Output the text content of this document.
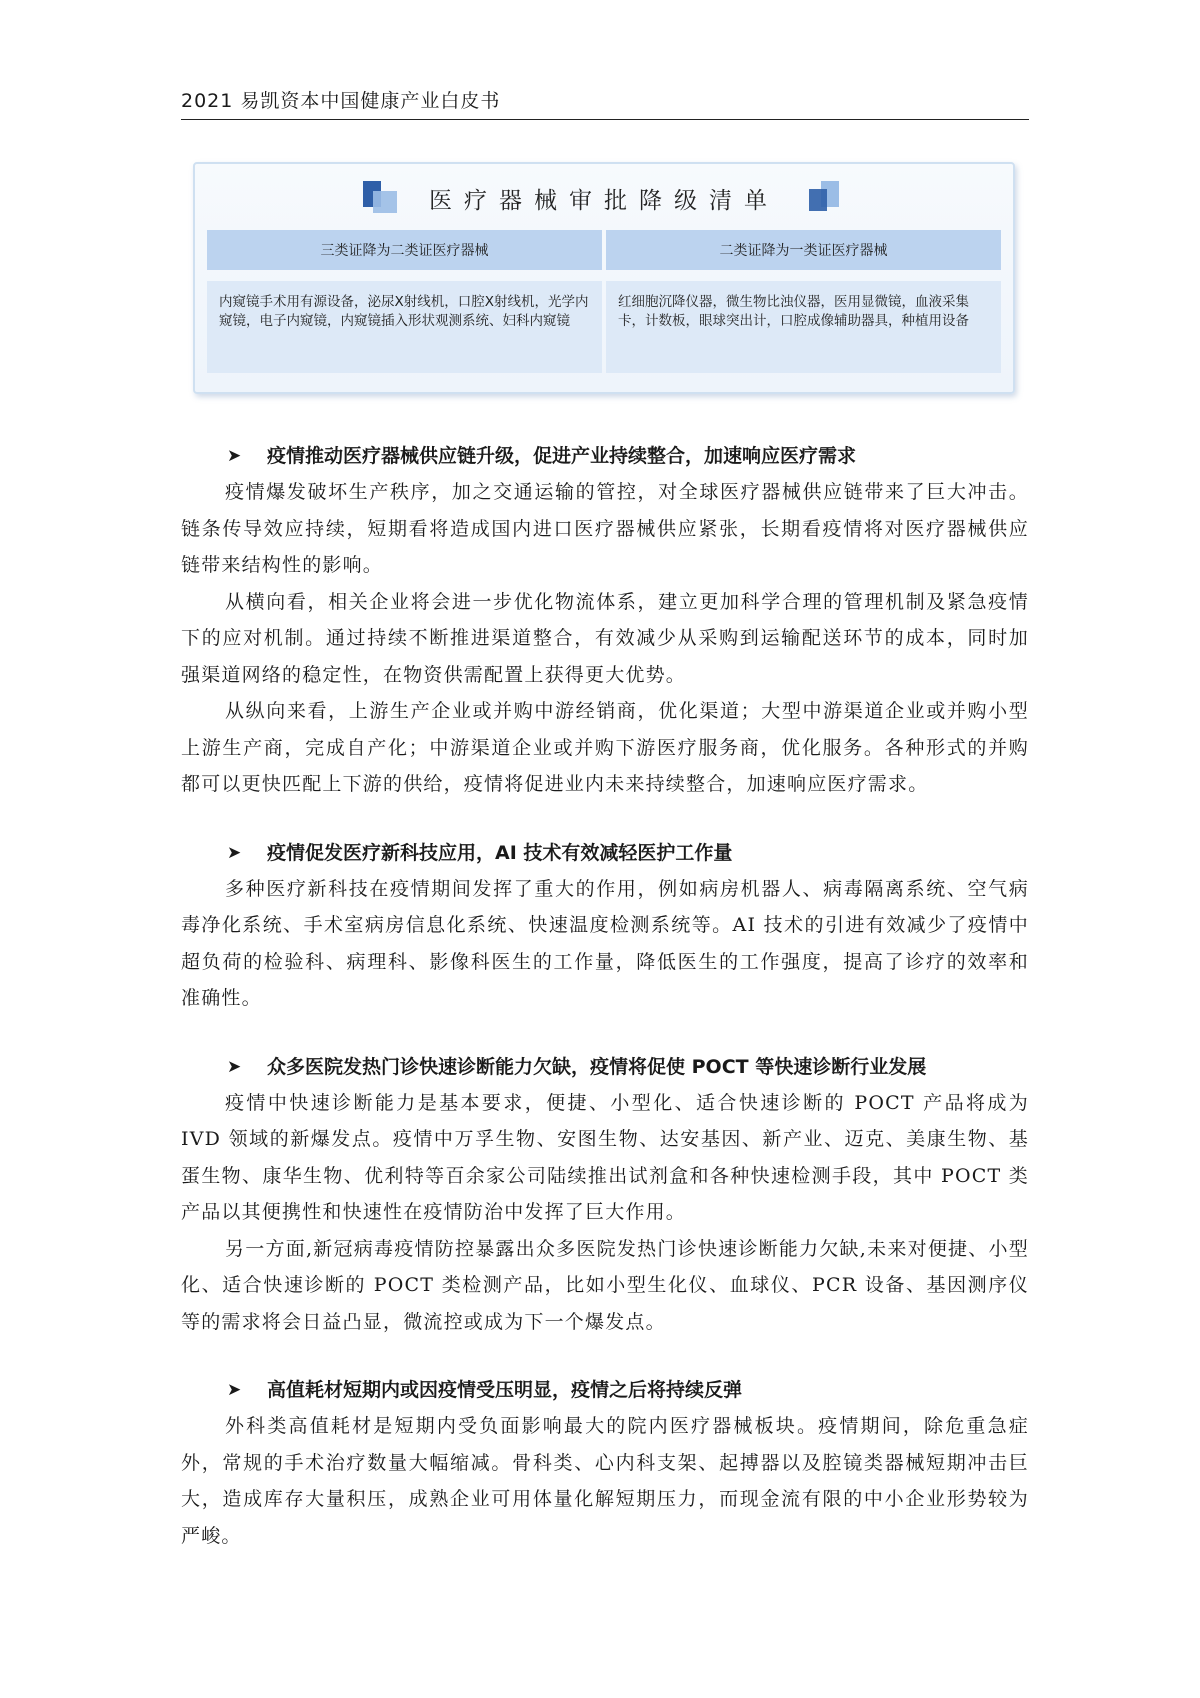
2021 易凯资本中国健康产业白皮书
医疗器械审批降级清单
三类证降为二类证医疗器械	二类证降为一类证医疗器械
内窥镜手术用有源设备，泌尿X射线机，口腔X射线机，光学内窥镜，电子内窥镜，内窥镜插入形状观测系统、妇科内窥镜
红细胞沉降仪器，微生物比浊仪器，医用显微镜，血液采集卡，计数板，眼球突出计，口腔成像辅助器具，种植用设备
➤ 疫情推动医疗器械供应链升级，促进产业持续整合，加速响应医疗需求

疫情爆发破坏生产秩序，加之交通运输的管控，对全球医疗器械供应链带来了巨大冲击。链条传导效应持续，短期看将造成国内进口医疗器械供应紧张，长期看疫情将对医疗器械供应链带来结构性的影响。

从横向看，相关企业将会进一步优化物流体系，建立更加科学合理的管理机制及紧急疫情下的应对机制。通过持续不断推进渠道整合，有效减少从采购到运输配送环节的成本，同时加强渠道网络的稳定性，在物资供需配置上获得更大优势。

从纵向来看，上游生产企业或并购中游经销商，优化渠道；大型中游渠道企业或并购小型上游生产商，完成自产化；中游渠道企业或并购下游医疗服务商，优化服务。各种形式的并购都可以更快匹配上下游的供给，疫情将促进业内未来持续整合，加速响应医疗需求。

➤ 疫情促发医疗新科技应用，AI 技术有效减轻医护工作量

多种医疗新科技在疫情期间发挥了重大的作用，例如病房机器人、病毒隔离系统、空气病毒净化系统、手术室病房信息化系统、快速温度检测系统等。AI 技术的引进有效减少了疫情中超负荷的检验科、病理科、影像科医生的工作量，降低医生的工作强度，提高了诊疗的效率和准确性。

➤ 众多医院发热门诊快速诊断能力欠缺，疫情将促使 POCT 等快速诊断行业发展

疫情中快速诊断能力是基本要求，便捷、小型化、适合快速诊断的 POCT 产品将成为 IVD 领域的新爆发点。疫情中万孚生物、安图生物、达安基因、新产业、迈克、美康生物、基蛋生物、康华生物、优利特等百余家公司陆续推出试剂盒和各种快速检测手段，其中 POCT 类产品以其便携性和快速性在疫情防治中发挥了巨大作用。

另一方面,新冠病毒疫情防控暴露出众多医院发热门诊快速诊断能力欠缺,未来对便捷、小型化、适合快速诊断的 POCT 类检测产品，比如小型生化仪、血球仪、PCR 设备、基因测序仪等的需求将会日益凸显，微流控或成为下一个爆发点。

➤ 高值耗材短期内或因疫情受压明显，疫情之后将持续反弹

外科类高值耗材是短期内受负面影响最大的院内医疗器械板块。疫情期间，除危重急症外，常规的手术治疗数量大幅缩减。骨科类、心内科支架、起搏器以及腔镜类器械短期冲击巨大，造成库存大量积压，成熟企业可用体量化解短期压力，而现金流有限的中小企业形势较为严峻。
